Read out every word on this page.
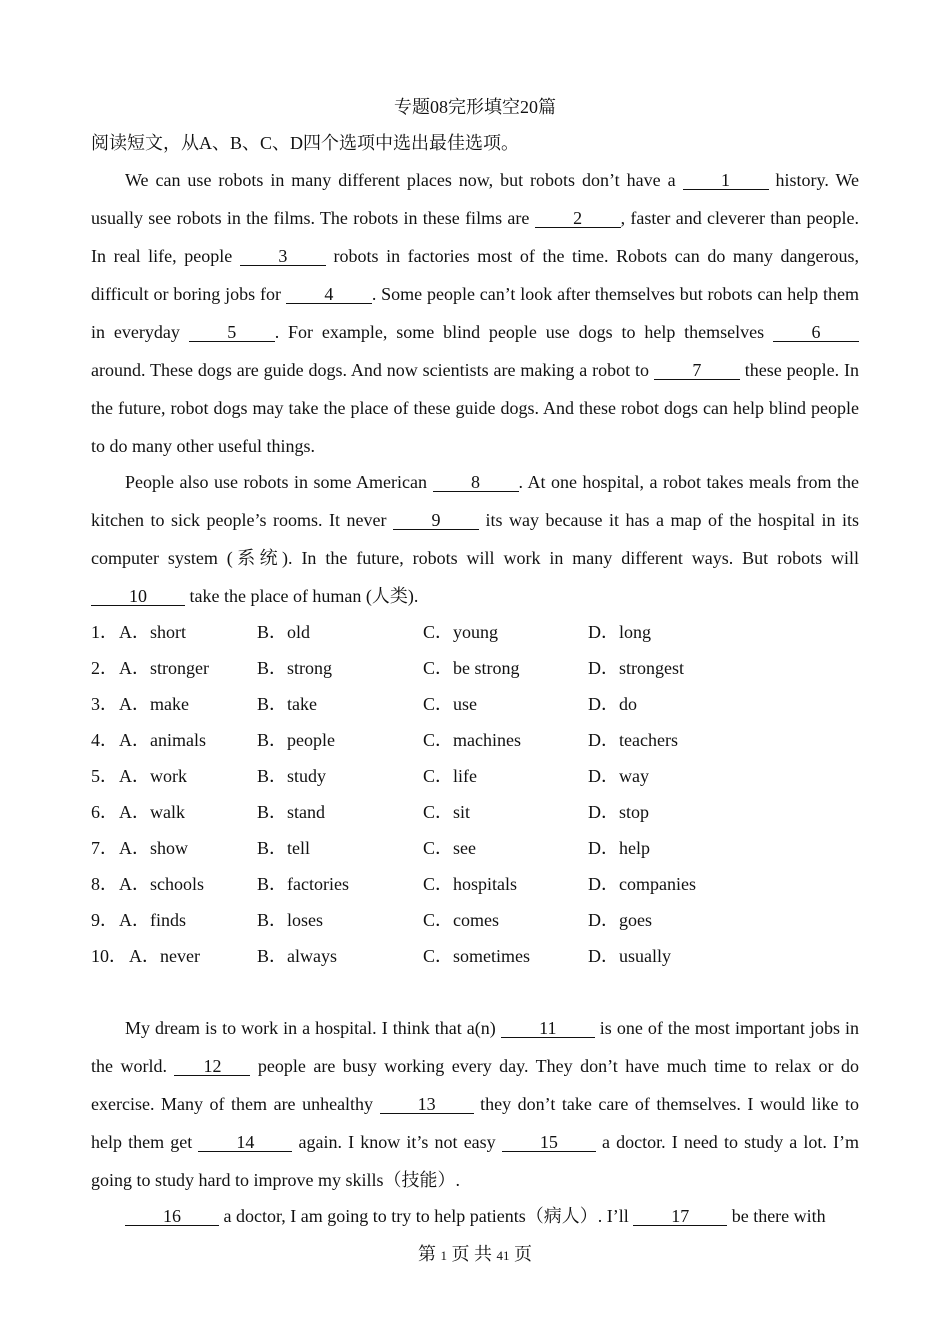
专题08完形填空20篇
阅读短文，从A、B、C、D四个选项中选出最佳选项。
We can use robots in many different places now, but robots don’t have a 1 history. We usually see robots in the films. The robots in these films are 2 , faster and cleverer than people. In real life, people 3 robots in factories most of the time. Robots can do many dangerous, difficult or boring jobs for 4 . Some people can’t look after themselves but robots can help them in everyday 5 . For example, some blind people use dogs to help themselves 6 around. These dogs are guide dogs. And now scientists are making a robot to 7 these people. In the future, robot dogs may take the place of these guide dogs. And these robot dogs can help blind people to do many other useful things.
People also use robots in some American 8 . At one hospital, a robot takes meals from the kitchen to sick people’s rooms. It never 9 its way because it has a map of the hospital in its computer system (系统). In the future, robots will work in many different ways. But robots will 10 take the place of human (人类).
1． A．short	B．old	C．young	D．long
2． A．stronger	B．strong	C．be strong	D．strongest
3． A．make	B．take	C．use	D．do
4． A．animals	B．people	C．machines	D．teachers
5． A．work	B．study	C．life	D．way
6． A．walk	B．stand	C．sit	D．stop
7． A．show	B．tell	C．see	D．help
8． A．schools	B．factories	C．hospitals	D．companies
9． A．finds	B．loses	C．comes	D．goes
10． A．never	B．always	C．sometimes	D．usually
My dream is to work in a hospital. I think that a(n) 11 is one of the most important jobs in the world. 12 people are busy working every day. They don’t have much time to relax or do exercise. Many of them are unhealthy 13 they don’t take care of themselves. I would like to help them get 14 again. I know it’s not easy 15 a doctor. I need to study a lot. I’m going to study hard to improve my skills（技能）.
16 a doctor, I am going to try to help patients（病人）. I’ll 17 be there with
第 1 页 共 41 页
